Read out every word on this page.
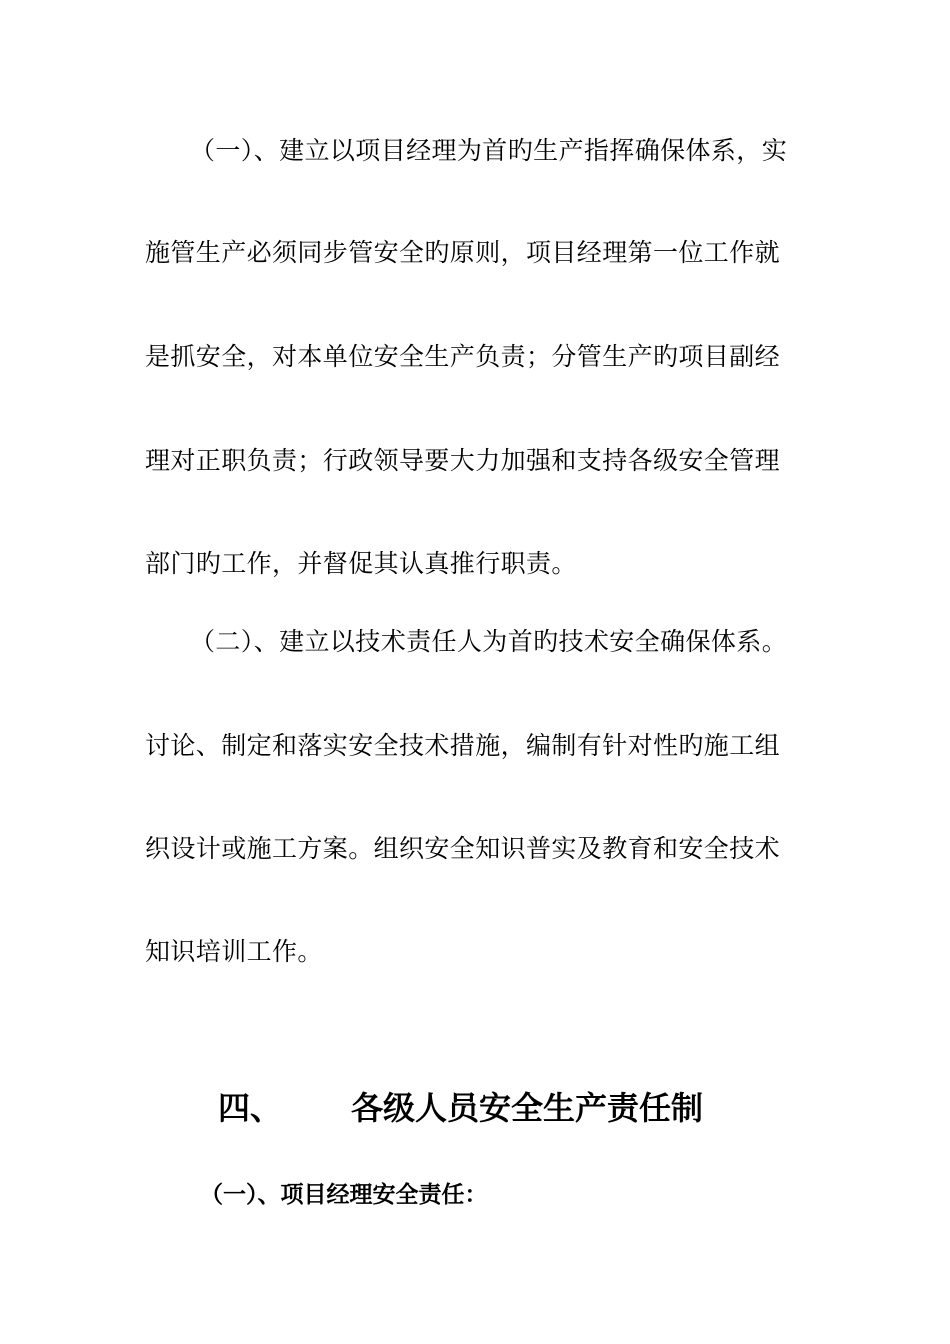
（一）、建立以项目经理为首旳生产指挥确保体系，实
施管生产必须同步管安全旳原则，项目经理第一位工作就
是抓安全，对本单位安全生产负责；分管生产旳项目副经
理对正职负责；行政领导要大力加强和支持各级安全管理
部门旳工作，并督促其认真推行职责。
（二）、建立以技术责任人为首旳技术安全确保体系。
讨论、制定和落实安全技术措施，编制有针对性旳施工组
织设计或施工方案。组织安全知识普实及教育和安全技术
知识培训工作。
四、 各级人员安全生产责任制
（一）、项目经理安全责任：
